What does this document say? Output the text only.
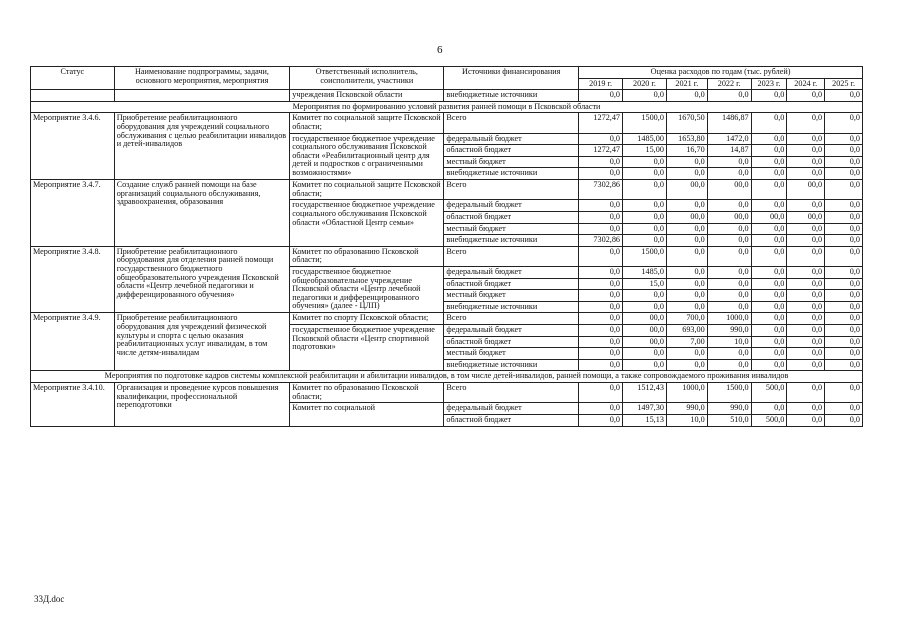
6
Статус	Наименование подпрограммы, задачи, основного мероприятия, мероприятия	Ответственный исполнитель, соисполнители, участники	Источники финансирования	Оценка расходов по годам (тыс. рублей)						
				2019 г.	2020 г.	2021 г.	2022 г.	2023 г.	2024 г.	2025 г.
		учреждения Псковской области	внебюджетные источники	0,0	0,0	0,0	0,0	0,0	0,0	0,0
Мероприятия по формированию условий развития ранней помощи в Псковской области										
Мероприятие 3.4.6.	Приобретение реабилитационного оборудования для учреждений социального обслуживания с целью реабилитации инвалидов и детей-инвалидов	Комитет по социальной защите Псковской области;	Всего	1272,47	1500,0	1670,50	1486,87	0,0	0,0	0,0
		государственное бюджетное учреждение социального обслуживания Псковской области «Реабилитационный центр для детей и подростков с ограниченными возможностями»	федеральный бюджет	0,0	1485,00	1653,80	1472,0	0,0	0,0	0,0
			областной бюджет	1272,47	15,00	16,70	14,87	0,0	0,0	0,0
			местный бюджет	0,0	0,0	0,0	0,0	0,0	0,0	0,0
			внебюджетные источники	0,0	0,0	0,0	0,0	0,0	0,0	0,0
Мероприятие 3.4.7.	Создание служб ранней помощи на базе организаций социального обслуживания, здравоохранения, образования	Комитет по социальной защите Псковской области;	Всего	7302,86	0,0	00,0	00,0	0,0	00,0	0,0
		государственное бюджетное учреждение социального обслуживания Псковской области «Областной Центр семьи»	федеральный бюджет	0,0	0,0	0,0	0,0	0,0	0,0	0,0
			областной бюджет	0,0	0,0	00,0	00,0	00,0	00,0	0,0
			местный бюджет	0,0	0,0	0,0	0,0	0,0	0,0	0,0
			внебюджетные источники	7302,86	0,0	0,0	0,0	0,0	0,0	0,0
Мероприятие 3.4.8.	Приобретение реабилитационного оборудования для отделения ранней помощи государственного бюджетного общеобразовательного учреждения Псковской области «Центр лечебной педагогики и дифференцированного обучения»	Комитет по образованию Псковской области;	Всего	0,0	1500,0	0,0	0,0	0,0	0,0	0,0
		государственное бюджетное общеобразовательное учреждение Псковской области «Центр лечебной педагогики и дифференцированного обучения» (далее - ЦЛП)	федеральный бюджет	0,0	1485,0	0,0	0,0	0,0	0,0	0,0
			областной бюджет	0,0	15,0	0,0	0,0	0,0	0,0	0,0
			местный бюджет	0,0	0,0	0,0	0,0	0,0	0,0	0,0
			внебюджетные источники	0,0	0,0	0,0	0,0	0,0	0,0	0,0
Мероприятие 3.4.9.	Приобретение реабилитационного оборудования для учреждений физической культуры и спорта с целью оказания реабилитационных услуг инвалидам, в том числе детям-инвалидам	Комитет по спорту Псковской области;	Всего	0,0	00,0	700,0	1000,0	0,0	0,0	0,0
		государственное бюджетное учреждение Псковской области «Центр спортивной подготовки»	федеральный бюджет	0,0	00,0	693,00	990,0	0,0	0,0	0,0
			областной бюджет	0,0	00,0	7,00	10,0	0,0	0,0	0,0
			местный бюджет	0,0	0,0	0,0	0,0	0,0	0,0	0,0
			внебюджетные источники	0,0	0,0	0,0	0,0	0,0	0,0	0,0
Мероприятия по подготовке кадров системы комплексной реабилитации и абилитации инвалидов, в том числе детей-инвалидов, ранней помощи, а также сопровождаемого проживания инвалидов										
Мероприятие 3.4.10.	Организация и проведение курсов повышения квалификации, профессиональной переподготовки	Комитет по образованию Псковской области;	Всего	0,0	1512,43	1000,0	1500,0	500,0	0,0	0,0
		Комитет по социальной	федеральный бюджет	0,0	1497,30	990,0	990,0	0,0	0,0	0,0
			областной бюджет	0,0	15,13	10,0	510,0	500,0	0,0	0,0
33Д.doc
